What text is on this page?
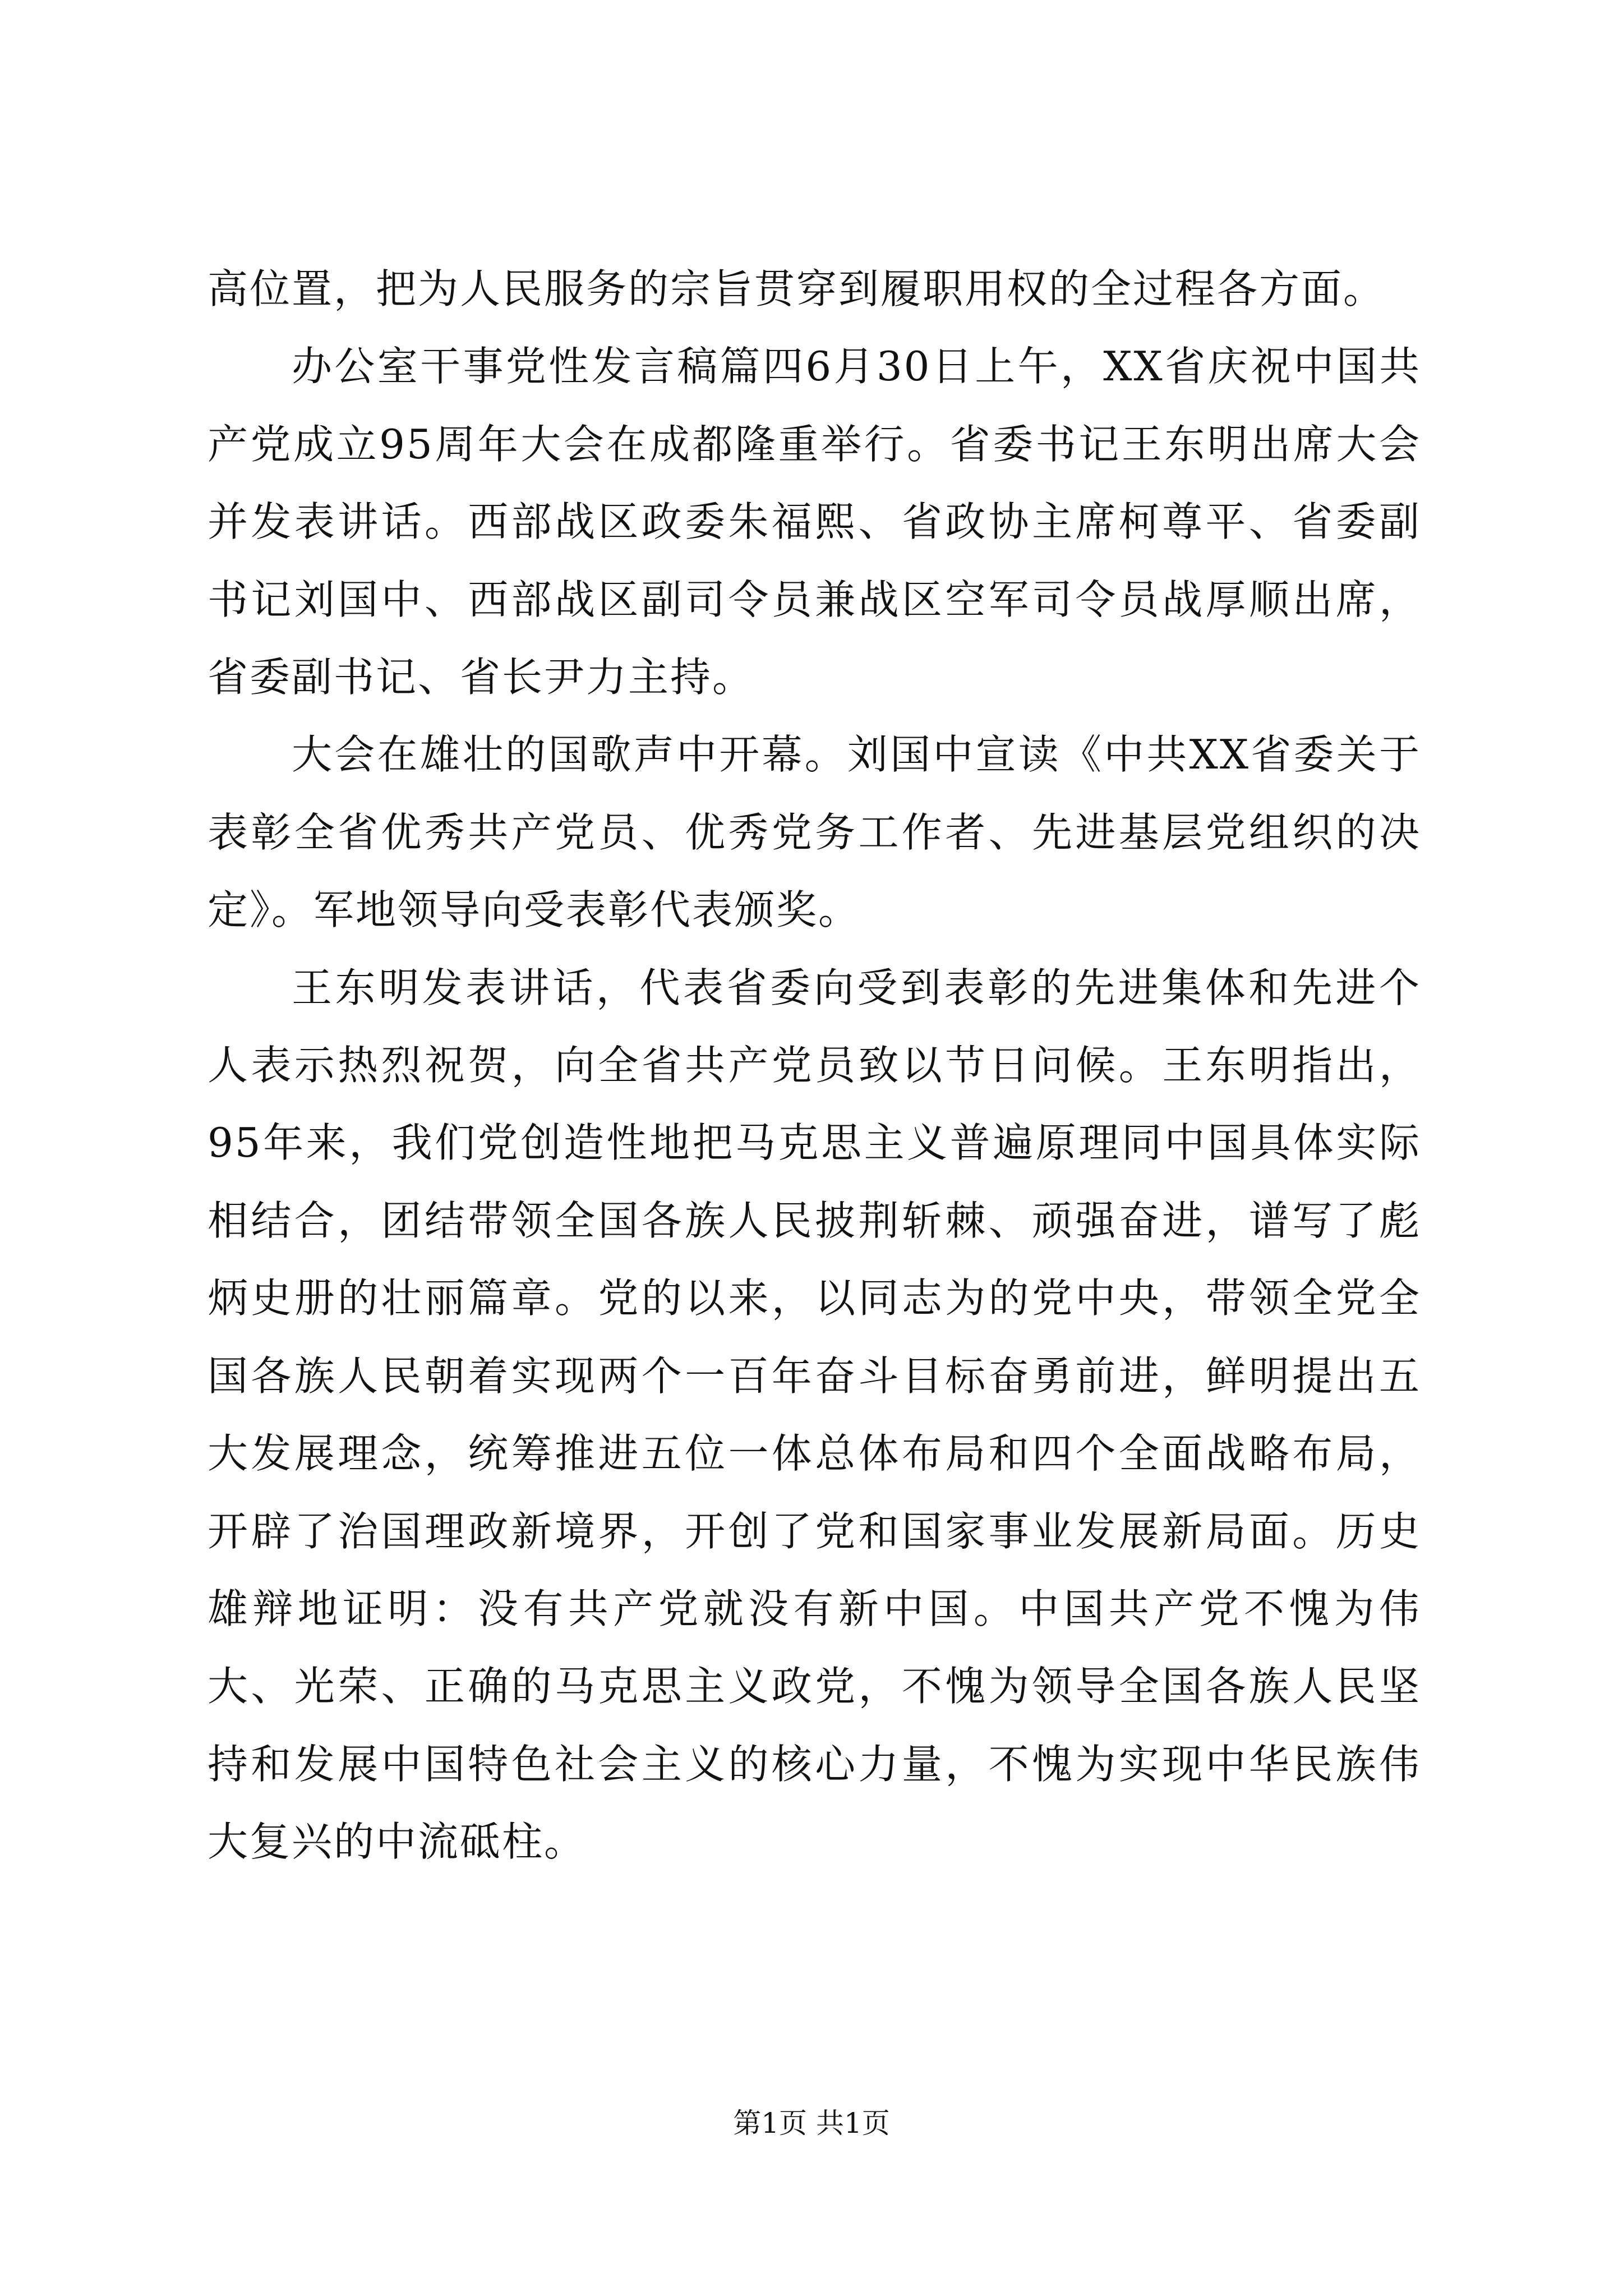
高位置，把为人民服务的宗旨贯穿到履职用权的全过程各方面。

办公室干事党性发言稿篇四6月30日上午，XX省庆祝中国共产党成立95周年大会在成都隆重举行。省委书记王东明出席大会并发表讲话。西部战区政委朱福熙、省政协主席柯尊平、省委副书记刘国中、西部战区副司令员兼战区空军司令员战厚顺出席，省委副书记、省长尹力主持。

大会在雄壮的国歌声中开幕。刘国中宣读《中共XX省委关于表彰全省优秀共产党员、优秀党务工作者、先进基层党组织的决定》。军地领导向受表彰代表颁奖。

王东明发表讲话，代表省委向受到表彰的先进集体和先进个人表示热烈祝贺，向全省共产党员致以节日问候。王东明指出，95年来，我们党创造性地把马克思主义普遍原理同中国具体实际相结合，团结带领全国各族人民披荆斩棘、顽强奋进，谱写了彪炳史册的壮丽篇章。党的以来，以同志为的党中央，带领全党全国各族人民朝着实现两个一百年奋斗目标奋勇前进，鲜明提出五大发展理念，统筹推进五位一体总体布局和四个全面战略布局，开辟了治国理政新境界，开创了党和国家事业发展新局面。历史雄辩地证明：没有共产党就没有新中国。中国共产党不愧为伟大、光荣、正确的马克思主义政党，不愧为领导全国各族人民坚持和发展中国特色社会主义的核心力量，不愧为实现中华民族伟大复兴的中流砥柱。

第1页 共1页
